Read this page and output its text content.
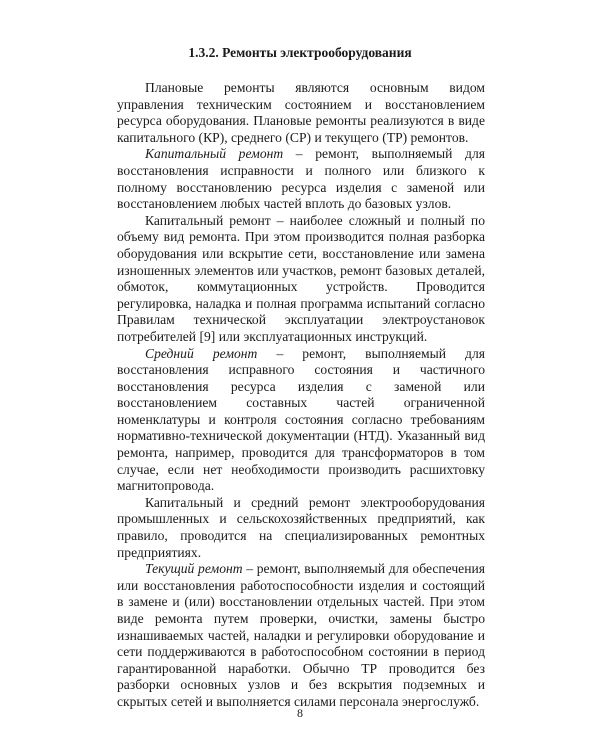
1.3.2. Ремонты электрооборудования

Плановые ремонты являются основным видом управления техническим состоянием и восстановлением ресурса оборудования. Плановые ремонты реализуются в виде капитального (КР), среднего (СР) и текущего (ТР) ремонтов.

Капитальный ремонт – ремонт, выполняемый для восстановления исправности и полного или близкого к полному восстановлению ресурса изделия с заменой или восстановлением любых частей вплоть до базовых узлов.

Капитальный ремонт – наиболее сложный и полный по объему вид ремонта. При этом производится полная разборка оборудования или вскрытие сети, восстановление или замена изношенных элементов или участков, ремонт базовых деталей, обмоток, коммутационных устройств. Проводится регулировка, наладка и полная программа испытаний согласно Правилам технической эксплуатации электроустановок потребителей [9] или эксплуатационных инструкций.

Средний ремонт – ремонт, выполняемый для восстановления исправного состояния и частичного восстановления ресурса изделия с заменой или восстановлением составных частей ограниченной номенклатуры и контроля состояния согласно требованиям нормативно-технической документации (НТД). Указанный вид ремонта, например, проводится для трансформаторов в том случае, если нет необходимости производить расшихтовку магнитопровода.

Капитальный и средний ремонт электрооборудования промышленных и сельскохозяйственных предприятий, как правило, проводится на специализированных ремонтных предприятиях.

Текущий ремонт – ремонт, выполняемый для обеспечения или восстановления работоспособности изделия и состоящий в замене и (или) восстановлении отдельных частей. При этом виде ремонта путем проверки, очистки, замены быстро изнашиваемых частей, наладки и регулировки оборудование и сети поддерживаются в работоспособном состоянии в период гарантированной наработки. Обычно ТР проводится без разборки основных узлов и без вскрытия подземных и скрытых сетей и выполняется силами персонала энергослужб.

8
